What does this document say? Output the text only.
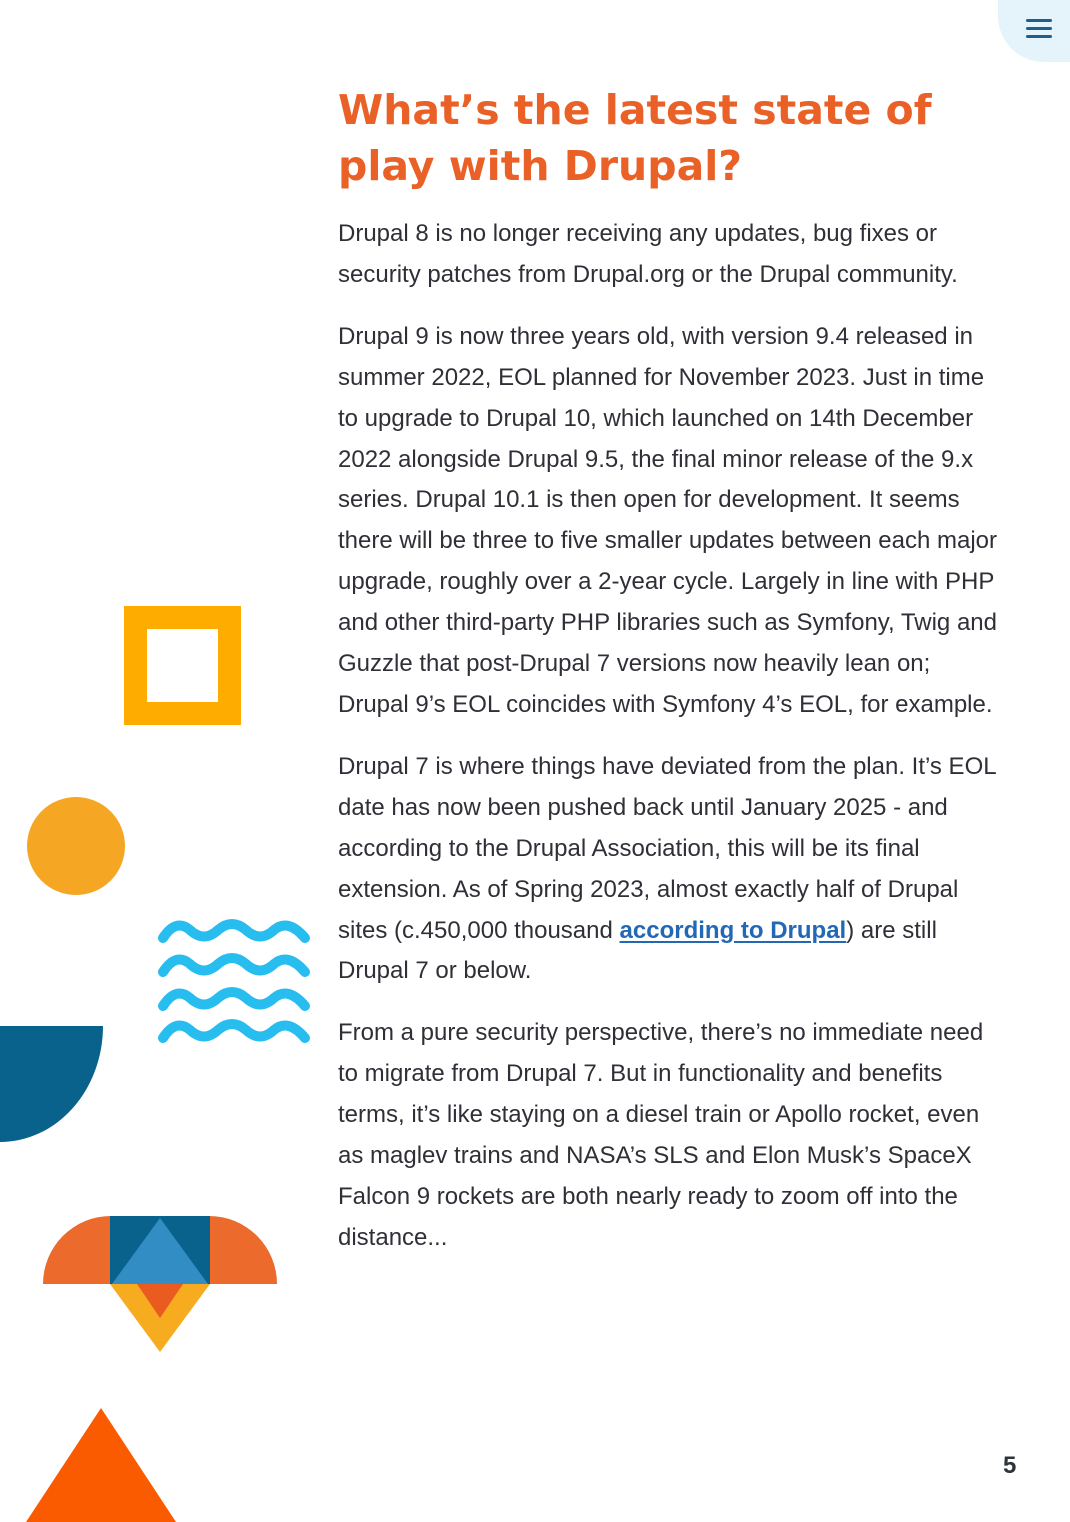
What’s the latest state of play with Drupal?

Drupal 8 is no longer receiving any updates, bug fixes or security patches from Drupal.org or the Drupal community.

Drupal 9 is now three years old, with version 9.4 released in summer 2022, EOL planned for November 2023. Just in time to upgrade to Drupal 10, which launched on 14th December 2022 alongside Drupal 9.5, the final minor release of the 9.x series. Drupal 10.1 is then open for development. It seems there will be three to five smaller updates between each major upgrade, roughly over a 2-year cycle. Largely in line with PHP and other third-party PHP libraries such as Symfony, Twig and Guzzle that post-Drupal 7 versions now heavily lean on; Drupal 9’s EOL coincides with Symfony 4’s EOL, for example.

Drupal 7 is where things have deviated from the plan. It’s EOL date has now been pushed back until January 2025 - and according to the Drupal Association, this will be its final extension. As of Spring 2023, almost exactly half of Drupal sites (c.450,000 thousand according to Drupal) are still Drupal 7 or below.

From a pure security perspective, there’s no immediate need to migrate from Drupal 7. But in functionality and benefits terms, it’s like staying on a diesel train or Apollo rocket, even as maglev trains and NASA’s SLS and Elon Musk’s SpaceX Falcon 9 rockets are both nearly ready to zoom off into the distance...

5
